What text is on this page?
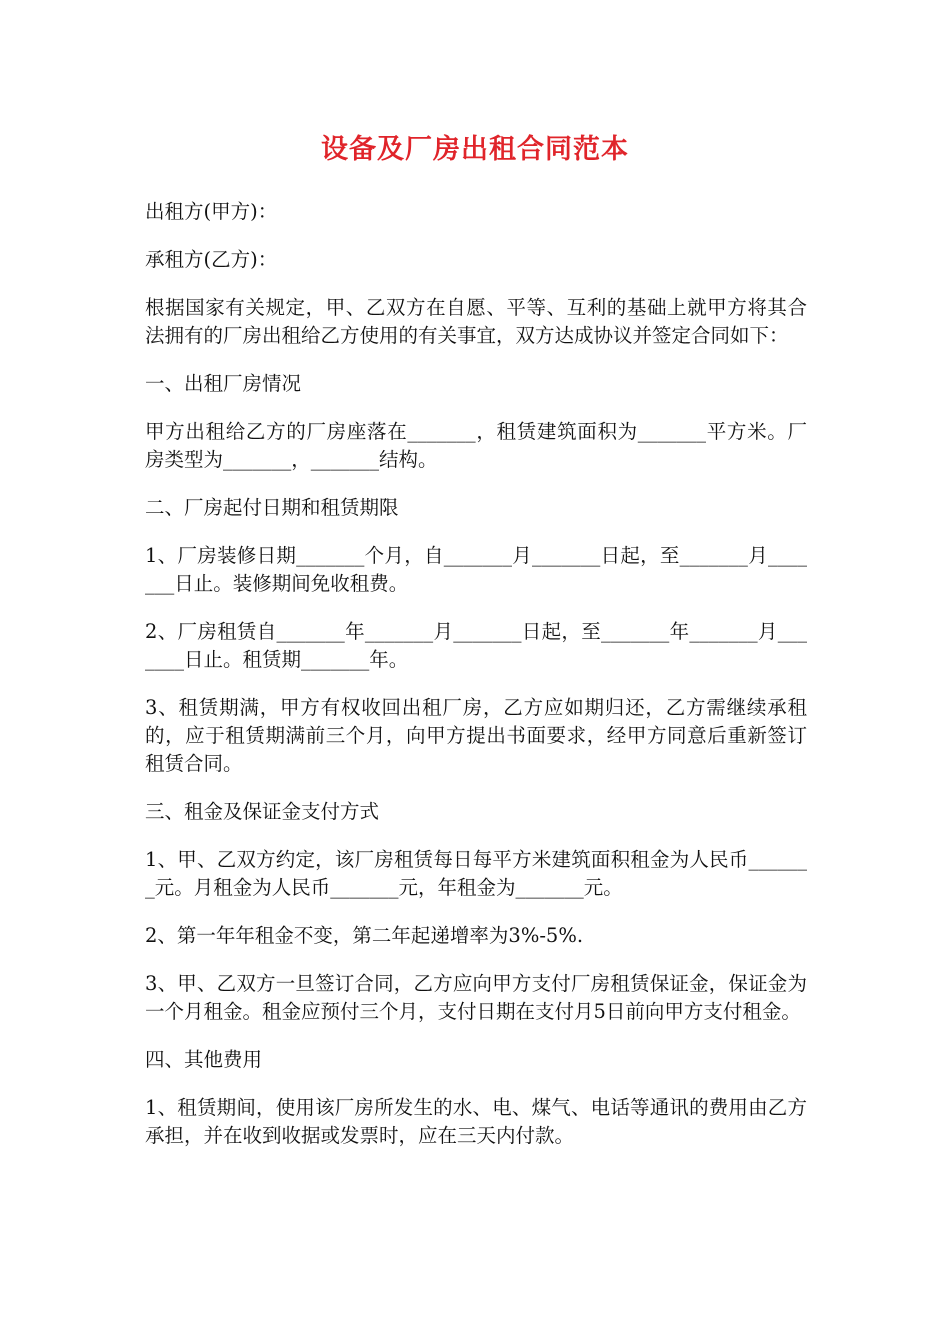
设备及厂房出租合同范本

出租方(甲方)：

承租方(乙方)：

根据国家有关规定，甲、乙双方在自愿、平等、互利的基础上就甲方将其合法拥有的厂房出租给乙方使用的有关事宜，双方达成协议并签定合同如下：

一、出租厂房情况

甲方出租给乙方的厂房座落在_______，租赁建筑面积为_______平方米。厂房类型为_______，_______结构。

二、厂房起付日期和租赁期限

1、厂房装修日期_______个月，自_______月_______日起，至_______月_______日止。装修期间免收租费。

2、厂房租赁自_______年_______月_______日起，至_______年_______月_______日止。租赁期_______年。

3、租赁期满，甲方有权收回出租厂房，乙方应如期归还，乙方需继续承租的，应于租赁期满前三个月，向甲方提出书面要求，经甲方同意后重新签订租赁合同。

三、租金及保证金支付方式

1、甲、乙双方约定，该厂房租赁每日每平方米建筑面积租金为人民币_______元。月租金为人民币_______元，年租金为_______元。

2、第一年年租金不变，第二年起递增率为3%-5%.

3、甲、乙双方一旦签订合同，乙方应向甲方支付厂房租赁保证金，保证金为一个月租金。租金应预付三个月，支付日期在支付月5日前向甲方支付租金。

四、其他费用

1、租赁期间，使用该厂房所发生的水、电、煤气、电话等通讯的费用由乙方承担，并在收到收据或发票时，应在三天内付款。
